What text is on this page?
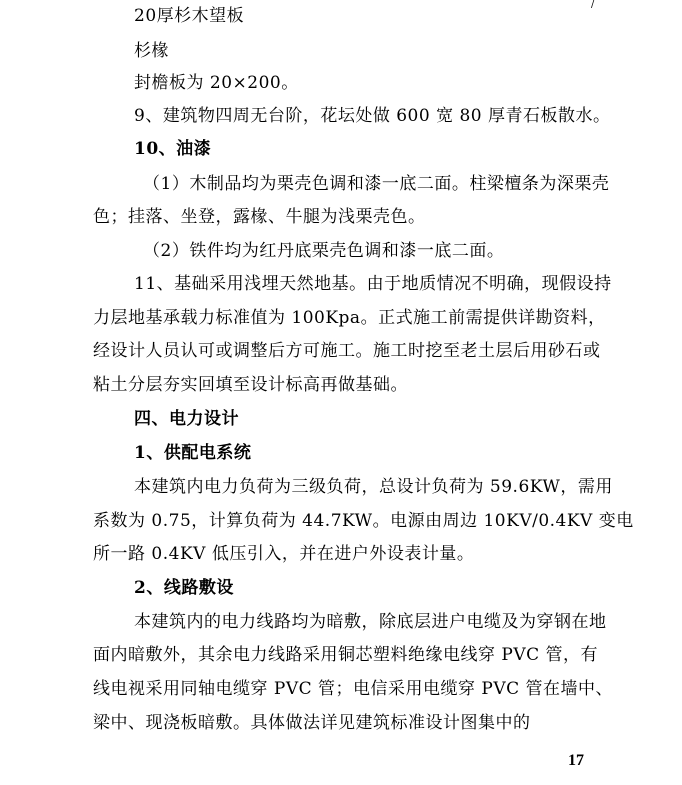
/
20厚杉木望板
杉椽
封檐板为 20×200。
9、建筑物四周无台阶，花坛处做 600 宽 80 厚青石板散水。
10、油漆
（1）木制品均为栗壳色调和漆一底二面。柱梁檀条为深栗壳
色；挂落、坐登，露椽、牛腿为浅栗壳色。
（2）铁件均为红丹底栗壳色调和漆一底二面。
11、基础采用浅埋天然地基。由于地质情况不明确，现假设持
力层地基承载力标准值为 100Kpa。正式施工前需提供详勘资料，
经设计人员认可或调整后方可施工。施工时挖至老土层后用砂石或
粘土分层夯实回填至设计标高再做基础。
四、电力设计
1、供配电系统
本建筑内电力负荷为三级负荷，总设计负荷为 59.6KW，需用
系数为 0.75，计算负荷为 44.7KW。电源由周边 10KV/0.4KV 变电
所一路 0.4KV 低压引入，并在进户外设表计量。
2、线路敷设
本建筑内的电力线路均为暗敷，除底层进户电缆及为穿钢在地
面内暗敷外，其余电力线路采用铜芯塑料绝缘电线穿 PVC 管，有
线电视采用同轴电缆穿 PVC 管；电信采用电缆穿 PVC 管在墙中、
梁中、现浇板暗敷。具体做法详见建筑标准设计图集中的
17
